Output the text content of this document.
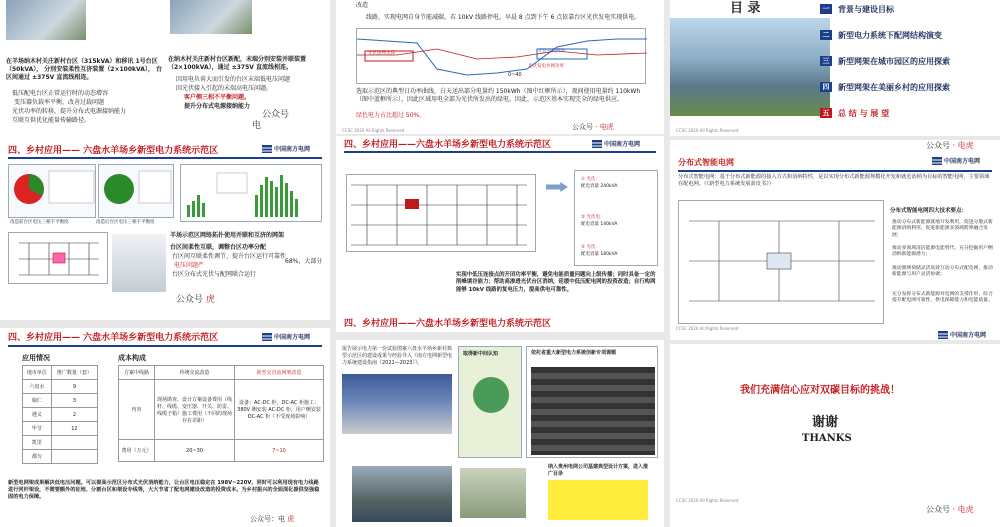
在羊场纳木村关庄新村台区（315kVA）和移讯 1号台区（50kVA）， 分别安装柔性互济装置（2×100kVA）， 台区间通过 ±375V 直流线相连。
低压配电台区正常运行时的动态增容
变压器负载率平衡，改善过载问题
光伏功率的转移，提升分布式电源接纳能力
互联互供优化能量传输路径。
在纳木村关庄新村台区新配，末端分别安装并联装置（2×100kVA），通过 ±375V 直流线相连。
因用电负荷大而引发的台区末端低电压问题
因光伏接入引起的末端高电压问题。
客户侧三相不平衡问题。
提升分布式电源接纳能力
公众号
电
四、乡村应用—— 六盘水羊场乡新型电力系统示范区	中国南方电网
改造前台区电压三相不平衡度	改造后台区电压三相不平衡度
羊场示范区网络拓扑使用并联和互济的网架
台区间柔性互联，调整台区功率分配
电压问题严
台区间互联柔性调节，提升台区运行可靠性
台区分布式光伏与配网联合运行
68%，大部分
公众号 虎
四、乡村应用—— 六盘水羊场乡新型电力系统示范区	中国南方电网
应用情况
地市单位	推广数量（套）
六盘水	9
铜仁	3
遵义	2
毕节	12
凯里	
都匀	
成本构成
方案中线路	传统交流改造	新型交直流网架改造
内容	现场勘查、设计方案设备费用（线杆、线缆、变压器、开关、防雷、线缆子箱）施工费用（不同的现场 存在差距）	设备：AC-DC 柜、DC-AC 柜施工：380V 侧安装 AC-DC 柜，用户侧安装 DC-AC 柜（不受现场影响）
费用（万元）	20~30	7~10
新型电网架成果解决低电压问题。可以提高示范区分布式光伏消纳能力，让台区电压稳定在 198V~220V，同时可以利用现有电力线路进行同杆架设，不需要额外的征地、分割台区和架设专线等，大大节省了配电网建设改造的投资成本。为乡村振兴的全面深化提供坚强稳固的电力保障。
公众号：电 虎
改造
线路，实现电网自身节能减碳，若 10kV 线路停电，早晨 8 点到下午 6 点依靠台区光伏发电实现供电。
光伏接网支撑	光伏并网消纳
光伏发电并网功率
0~40
选取示范区的典型日功率曲线，白天送出部分电量约 150kWh（图中红框所示），夜间使用电量约 110kWh（图中蓝框所示），因此区域用电全部为光伏所发出的绿电。因此，示范区基本实现完全的绿电供应。
绿色电力占比超过 50%。
CCSC 2020 All Rights Reserved	公众号 · 电虎
四、乡村应用——六盘水羊场乡新型电力系统示范区	中国南方电网
① 光伏：
配电容量 240kVA
② 光伏电：
配电容量 140kVA
③ 光伏：
配电容量 180kVA
实现中低压连接点的开闭功率平衡，避免电能质量问题向上级传播；同时具备一定的削峰填谷能力；帮助高渗透光伏台区消纳，延缓中低压配电网的投资改造；自行构网能够 10kV 线路的复电压力，提高供电可靠性。
四、乡村应用——六盘水羊场乡新型电力系统示范区
报告展示电力第一份试验图案六盘水羊场乡新村典型示范区的建设成果与经验导入《南方电网新型电力系统建设指南（2021—2023）》。
取得新中间认知	依托省重大新型电力系统创新专项课题
纳入贵州电网公司基建典型设计方案，进入推广目录
目 录	一	背景与建设目标
二	新型电力系统下配网结构演变
三	新型网架在城市园区的应用探索
四	新型网架在美丽乡村的应用探索
五	总 结 与 展 望
CCSC 2020 All Rights Reserved
公众号 · 电虎
中国南方电网
分布式智能电网
分布式智能电网：基于分布式新能源的接入方式和消纳特性，是以实现分布式新能源规模化开发和就近消纳为目标的智能电网，主要领域在配电网。（《新型电力系统发展蓝皮书》）
分布式智能电网四大技术要点：
推动分布式新能源就地开发利用，促进分散式新能源消纳利用，促进新能源多领域跨界融合发展；
推动多领域清洁能源电能替代，充分挖掘用户侧消纳新能源潜力；
推动源网荷储灵活高效互动分布式配电网，推动新能源与用户灵活协调；
充分发挥分布式新能源对电网的支撑作用，综合提升配电网可靠性、供电保障能力和电能质量。
CCSC 2020 All Rights Reserved
中国南方电网
我们充满信心应对双碳目标的挑战！
谢谢
THANKS
CCSC 2020 All Rights Reserved
公众号 · 电虎
